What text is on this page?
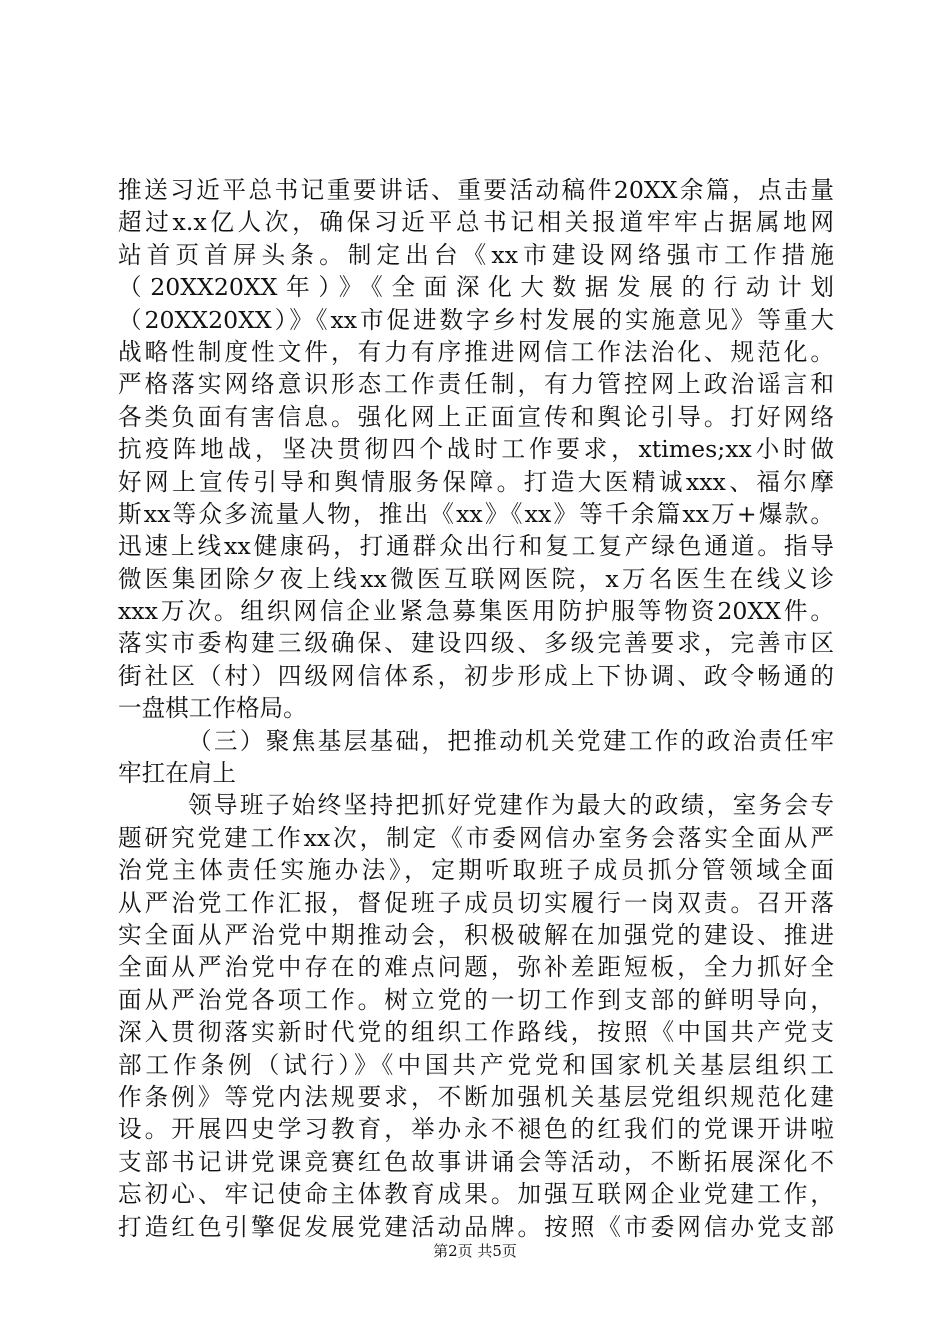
推送习近平总书记重要讲话、重要活动稿件20XX余篇，点击量
超过x.x亿人次，确保习近平总书记相关报道牢牢占据属地网
站首页首屏头条。制定出台《xx市建设网络强市工作措施
（20XX20XX年）》《全面深化大数据发展的行动计划
（20XX20XX）》《xx市促进数字乡村发展的实施意见》等重大
战略性制度性文件，有力有序推进网信工作法治化、规范化。
严格落实网络意识形态工作责任制，有力管控网上政治谣言和
各类负面有害信息。强化网上正面宣传和舆论引导。打好网络
抗疫阵地战，坚决贯彻四个战时工作要求，xtimes;xx小时做
好网上宣传引导和舆情服务保障。打造大医精诚xxx、福尔摩
斯xx等众多流量人物，推出《xx》《xx》等千余篇xx万+爆款。
迅速上线xx健康码，打通群众出行和复工复产绿色通道。指导
微医集团除夕夜上线xx微医互联网医院，x万名医生在线义诊
xxx万次。组织网信企业紧急募集医用防护服等物资20XX件。
落实市委构建三级确保、建设四级、多级完善要求，完善市区
街社区（村）四级网信体系，初步形成上下协调、政令畅通的
一盘棋工作格局。
（三）聚焦基层基础，把推动机关党建工作的政治责任牢
牢扛在肩上
领导班子始终坚持把抓好党建作为最大的政绩，室务会专
题研究党建工作xx次，制定《市委网信办室务会落实全面从严
治党主体责任实施办法》，定期听取班子成员抓分管领域全面
从严治党工作汇报，督促班子成员切实履行一岗双责。召开落
实全面从严治党中期推动会，积极破解在加强党的建设、推进
全面从严治党中存在的难点问题，弥补差距短板，全力抓好全
面从严治党各项工作。树立党的一切工作到支部的鲜明导向，
深入贯彻落实新时代党的组织工作路线，按照《中国共产党支
部工作条例（试行）》《中国共产党党和国家机关基层组织工
作条例》等党内法规要求，不断加强机关基层党组织规范化建
设。开展四史学习教育，举办永不褪色的红我们的党课开讲啦
支部书记讲党课竞赛红色故事讲诵会等活动，不断拓展深化不
忘初心、牢记使命主体教育成果。加强互联网企业党建工作，
打造红色引擎促发展党建活动品牌。按照《市委网信办党支部
第2页 共5页
